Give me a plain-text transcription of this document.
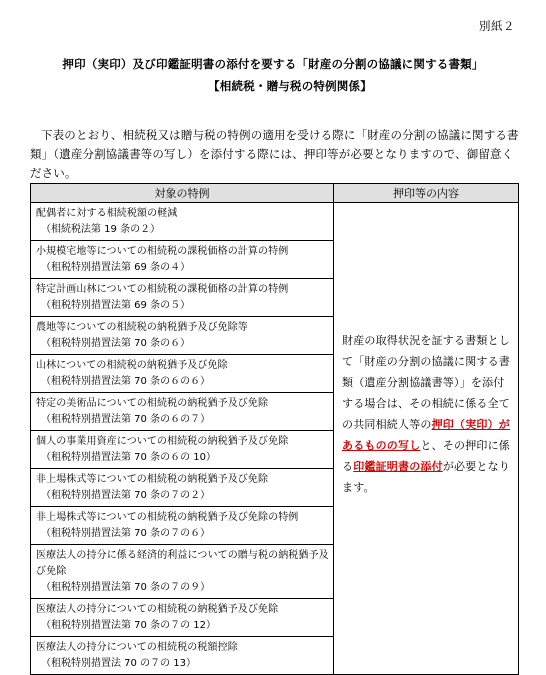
別紙２
押印（実印）及び印鑑証明書の添付を要する「財産の分割の協議に関する書類」
【相続税・贈与税の特例関係】
下表のとおり、相続税又は贈与税の特例の適用を受ける際に「財産の分割の協議に関する書類」（遺産分割協議書等の写し）を添付する際には、押印等が必要となりますので、御留意ください。
対象の特例	押印等の内容

配偶者に対する相続税額の軽減
（相続税法第 19 条の２）	財産の取得状況を証する書類として「財産の分割の協議に関する書類（遺産分割協議書等）」を添付する場合は、その相続に係る全ての共同相続人等の押印（実印）があるものの写しと、その押印に係る印鑑証明書の添付が必要となります。

小規模宅地等についての相続税の課税価格の計算の特例
（租税特別措置法第 69 条の４）	

特定計画山林についての相続税の課税価格の計算の特例
（租税特別措置法第 69 条の５）	

農地等についての相続税の納税猶予及び免除等
（租税特別措置法第 70 条の６）	

山林についての相続税の納税猶予及び免除
（租税特別措置法第 70 条の６の６）	

特定の美術品についての相続税の納税猶予及び免除
（租税特別措置法第 70 条の６の７）	

個人の事業用資産についての相続税の納税猶予及び免除
（租税特別措置法第 70 条の６の 10）	

非上場株式等についての相続税の納税猶予及び免除
（租税特別措置法第 70 条の７の２）	

非上場株式等についての相続税の納税猶予及び免除の特例
（租税特別措置法第 70 条の７の６）	

医療法人の持分に係る経済的利益についての贈与税の納税猶予及び免除
（租税特別措置法第 70 条の７の９）	

医療法人の持分についての相続税の納税猶予及び免除
（租税特別措置法第 70 条の７の 12）	

医療法人の持分についての相続税の税額控除
（租税特別措置法 70 の７の 13）	
